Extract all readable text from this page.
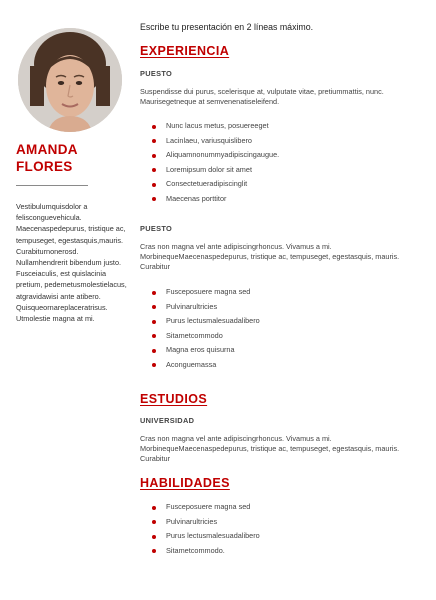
AMANDA
FLORES
Vestibulumquisdolor a felisconguevehicula. Maecenaspedepurus, tristique ac, tempuseget, egestasquis,mauris. Curabiturnonerosd. Nullamhendrerit bibendum justo. Fusceiaculis, est quislacinia pretium, pedemetusmolestielacus, atgravidawisi ante atibero. Quisqueornareplaceratrisus. Utmolestie magna at mi.
Escribe tu presentación en 2 líneas máximo.
EXPERIENCIA
PUESTO
Suspendisse dui purus, scelerisque at, vulputate vitae, pretiummattis, nunc. Maurisegetneque at semvenenatiseleifend.
Nunc lacus metus, posuereeget
Lacinlaeu, variusquislibero
Aliquamnonummyadipiscingaugue.
Loremipsum dolor sit amet
Consectetueradipiscinglit
Maecenas porttitor
PUESTO
Cras non magna vel ante adipiscingrhoncus. Vivamus a mi. MorbinequeMaecenaspedepurus, tristique ac, tempuseget, egestasquis, mauris. Curabitur
Fusceposuere magna sed
Pulvinarultricies
Purus lectusmalesuadalibero
Sitametcommodo
Magna eros quisurna
Aconguemassa
ESTUDIOS
UNIVERSIDAD
Cras non magna vel ante adipiscingrhoncus. Vivamus a mi. MorbinequeMaecenaspedepurus, tristique ac, tempuseget, egestasquis, mauris. Curabitur
HABILIDADES
Fusceposuere magna sed
Pulvinarultricies
Purus lectusmalesuadalibero
Sitametcommodo.
